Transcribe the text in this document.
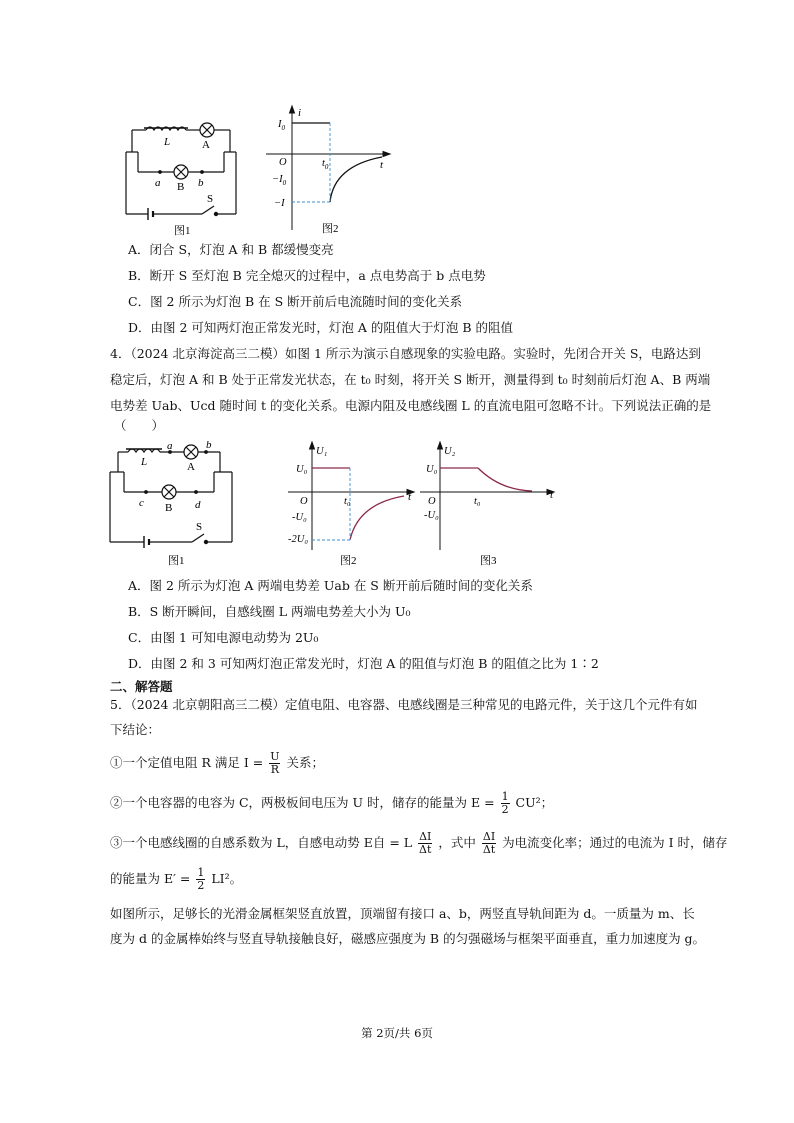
L	A
a B b
S
图1
i
$I_0$
O	$t_0$	t
$-I_0$
−I
图2
A．闭合 S，灯泡 A 和 B 都缓慢变亮
B．断开 S 至灯泡 B 完全熄灭的过程中，a 点电势高于 b 点电势
C．图 2 所示为灯泡 B 在 S 断开前后电流随时间的变化关系
D．由图 2 可知两灯泡正常发光时，灯泡 A 的阻值大于灯泡 B 的阻值
4．（2024 北京海淀高三二模）如图 1 所示为演示自感现象的实验电路。实验时，先闭合开关 S，电路达到
稳定后，灯泡 A 和 B 处于正常发光状态，在 t₀ 时刻，将开关 S 断开，测量得到 t₀ 时刻前后灯泡 A、B 两端
电势差 Uab、Ucd 随时间 t 的变化关系。电源内阻及电感线圈 L 的直流电阻可忽略不计。下列说法正确的是
（　　）
L
a	b
A
c B d
S
图1
U₁
U₀
O	t₀	t
-U₀
-2U₀
图2
U₂
U₀
O	t₀
t
-U₀
图3
A．图 2 所示为灯泡 A 两端电势差 Uab 在 S 断开前后随时间的变化关系
B．S 断开瞬间，自感线圈 L 两端电势差大小为 U₀
C．由图 1 可知电源电动势为 2U₀
D．由图 2 和 3 可知两灯泡正常发光时，灯泡 A 的阻值与灯泡 B 的阻值之比为 1∶2
二、解答题
5．（2024 北京朝阳高三二模）定值电阻、电容器、电感线圈是三种常见的电路元件，关于这几个元件有如
下结论：
①一个定值电阻 R 满足 $I = \frac{U}{R}$ 关系；
②一个电容器的电容为 C，两极板间电压为 U 时，储存的能量为 $E = \frac{1}{2} CU^2$；
③一个电感线圈的自感系数为 L，自感电动势 E自 = L $\frac{\Delta I}{\Delta t}$ ，式中 $\frac{\Delta I}{\Delta t}$ 为电流变化率；通过的电流为 I 时，储存
的能量为 $E' = \frac{1}{2} LI^2$。
如图所示，足够长的光滑金属框架竖直放置，顶端留有接口 a、b，两竖直导轨间距为 d。一质量为 m、长
度为 d 的金属棒始终与竖直导轨接触良好，磁感应强度为 B 的匀强磁场与框架平面垂直，重力加速度为 g。
第 2页/共 6页
